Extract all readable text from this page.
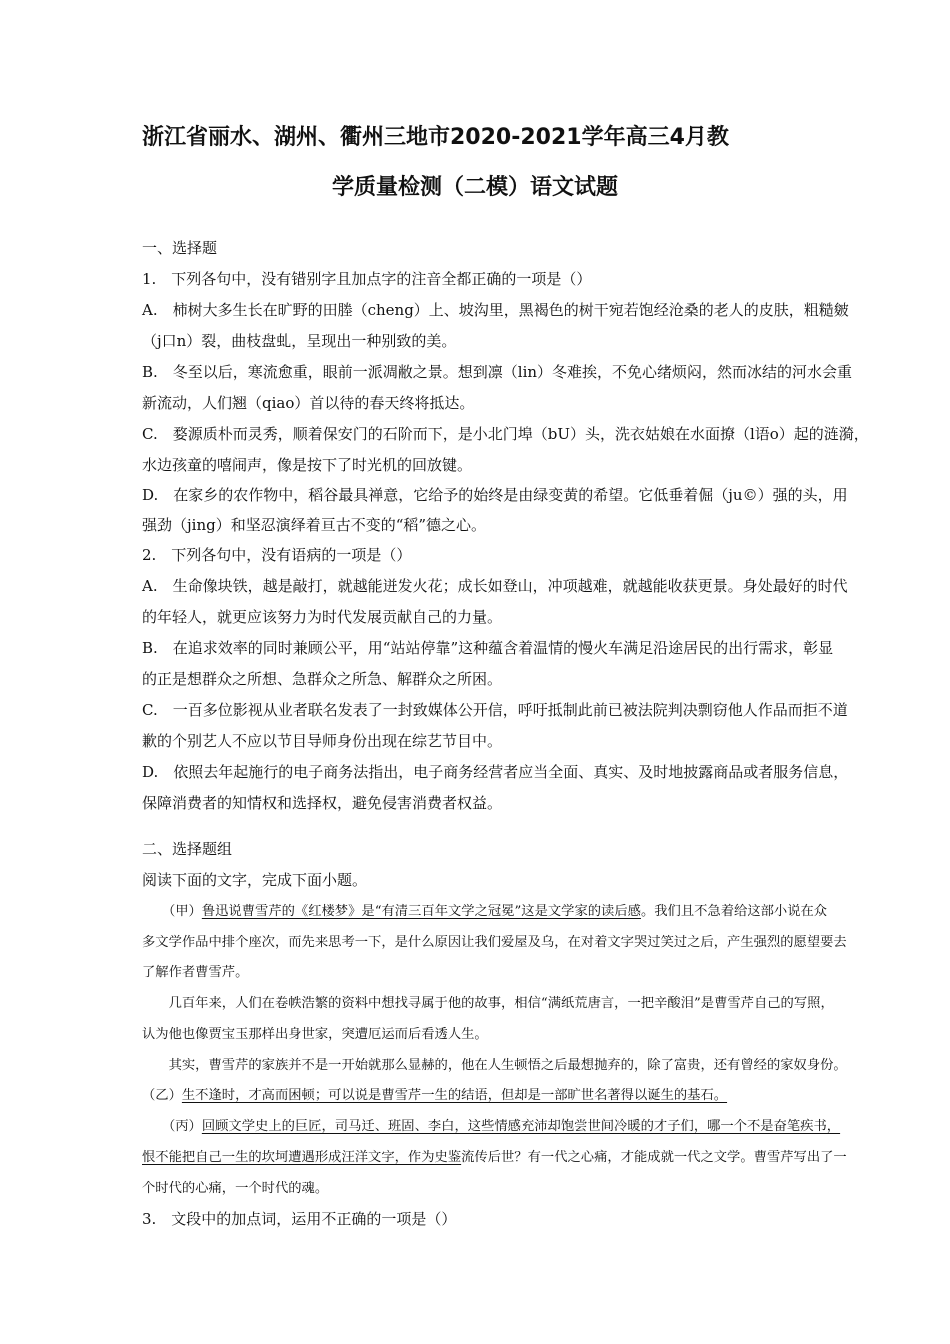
浙江省丽水、湖州、衢州三地市2020-2021学年高三4月教
学质量检测（二模）语文试题
一、选择题
1.　下列各句中，没有错别字且加点字的注音全都正确的一项是（）
A.　柿树大多生长在旷野的田塍（cheng）上、坡沟里，黑褐色的树干宛若饱经沧桑的老人的皮肤，粗糙皴
（j口n）裂，曲枝盘虬，呈现出一种别致的美。
B.　冬至以后，寒流愈重，眼前一派凋敝之景。想到凛（lin）冬难挨，不免心绪烦闷，然而冰结的河水会重
新流动，人们翘（qiao）首以待的春天终将抵达。
C.　婺源质朴而灵秀，顺着保安门的石阶而下，是小北门埠（bU）头，洗衣姑娘在水面撩（l语o）起的涟漪，
水边孩童的嘻闹声，像是按下了时光机的回放键。
D.　在家乡的农作物中，稻谷最具禅意，它给予的始终是由绿变黄的希望。它低垂着倔（ju©）强的头，用
强劲（jing）和坚忍演绎着亘古不变的“稻”德之心。
2.　下列各句中，没有语病的一项是（）
A.　生命像块铁，越是敲打，就越能迸发火花；成长如登山，冲项越难，就越能收获更景。身处最好的时代
的年轻人，就更应该努力为时代发展贡献自己的力量。
B.　在追求效率的同时兼顾公平，用“站站停靠”这种蕴含着温情的慢火车满足沿途居民的出行需求，彰显
的正是想群众之所想、急群众之所急、解群众之所困。
C.　一百多位影视从业者联名发表了一封致媒体公开信，呼吁抵制此前已被法院判决剽窃他人作品而拒不道
歉的个别艺人不应以节目导师身份出现在综艺节目中。
D.　依照去年起施行的电子商务法指出，电子商务经营者应当全面、真实、及时地披露商品或者服务信息，
保障消费者的知情权和选择权，避免侵害消费者权益。
二、选择题组
阅读下面的文字，完成下面小题。
　　（甲）鲁迅说曹雪芹的《红楼梦》是“有清三百年文学之冠冕”这是文学家的读后感。我们且不急着给这部小说在众
多文学作品中排个座次，而先来思考一下，是什么原因让我们爱屋及乌，在对着文字哭过笑过之后，产生强烈的愿望要去
了解作者曹雪芹。
　　几百年来，人们在卷帙浩繁的资料中想找寻属于他的故事，相信“满纸荒唐言，一把辛酸泪”是曹雪芹自己的写照，
认为他也像贾宝玉那样出身世家，突遭厄运而后看透人生。
　　其实，曹雪芹的家族并不是一开始就那么显赫的，他在人生顿悟之后最想抛弃的，除了富贵，还有曾经的家奴身份。
（乙）生不逢时，才高而困顿；可以说是曹雪芹一生的结语，但却是一部旷世名著得以诞生的基石。
　　（丙）回顾文学史上的巨匠，司马迁、班固、李白，这些情感充沛却饱尝世间冷暖的才子们，哪一个不是奋笔疾书，
恨不能把自己一生的坎坷遭遇形成汪洋文字，作为史鉴流传后世？有一代之心痛，才能成就一代之文学。曹雪芹写出了一
个时代的心痛，一个时代的魂。
3.　文段中的加点词，运用不正确的一项是（）
